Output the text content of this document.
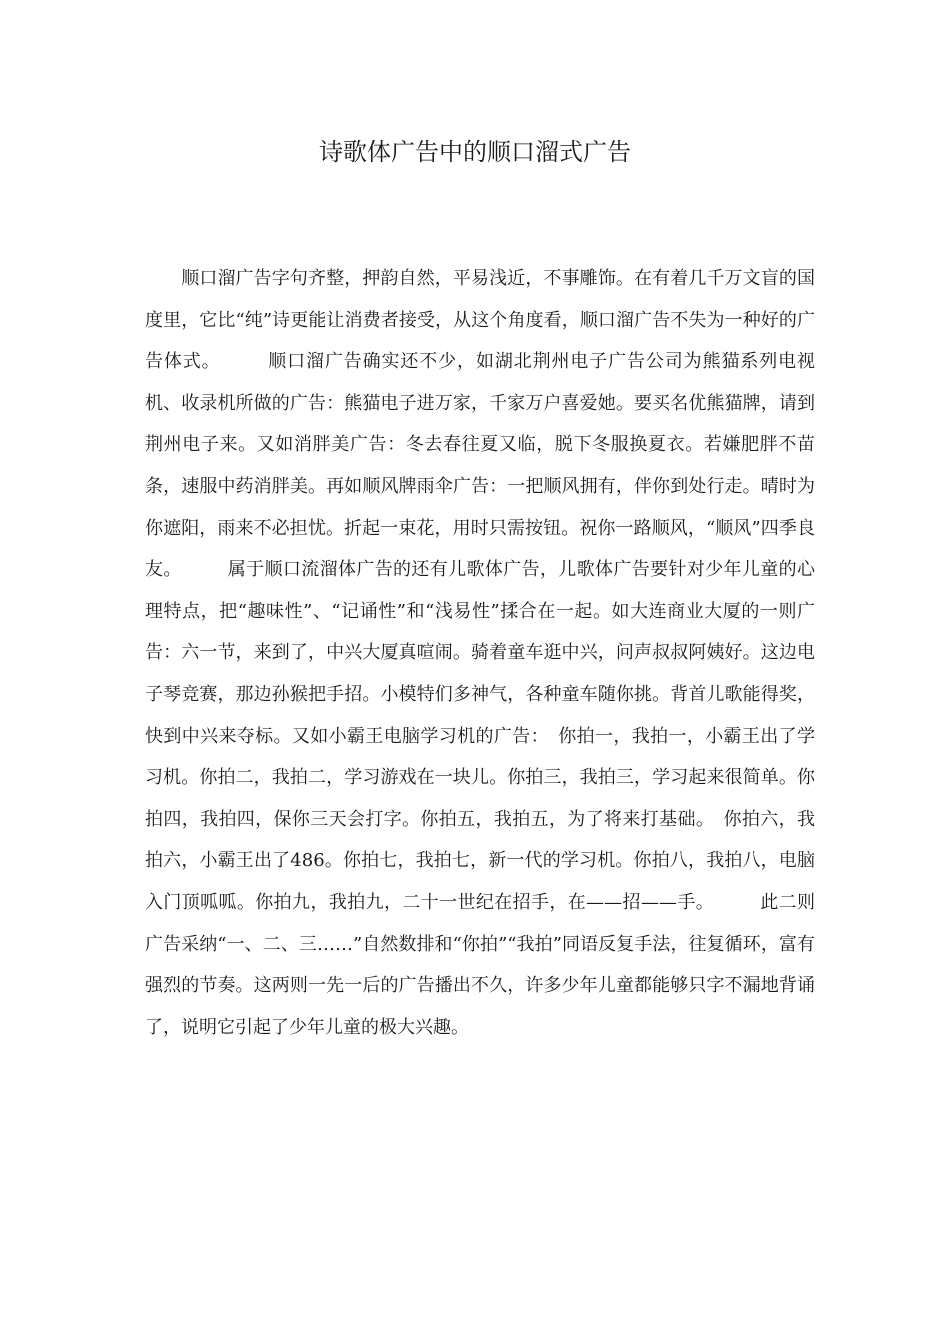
诗歌体广告中的顺口溜式广告

　　顺口溜广告字句齐整，押韵自然，平易浅近，不事雕饰。在有着几千万文盲的国度里，它比“纯”诗更能让消费者接受，从这个角度看，顺口溜广告不失为一种好的广告体式。　　　顺口溜广告确实还不少，如湖北荆州电子广告公司为熊猫系列电视机、收录机所做的广告：熊猫电子进万家，千家万户喜爱她。要买名优熊猫牌，请到荆州电子来。又如消胖美广告：冬去春往夏又临，脱下冬服换夏衣。若嫌肥胖不苗条，速服中药消胖美。再如顺风牌雨伞广告：一把顺风拥有，伴你到处行走。晴时为你遮阳，雨来不必担忧。折起一束花，用时只需按钮。祝你一路顺风，“顺风”四季良友。　　　属于顺口流溜体广告的还有儿歌体广告，儿歌体广告要针对少年儿童的心理特点，把“趣味性”、“记诵性”和“浅易性”揉合在一起。如大连商业大厦的一则广告：六一节，来到了，中兴大厦真喧闹。骑着童车逛中兴，问声叔叔阿姨好。这边电子琴竞赛，那边孙猴把手招。小模特们多神气，各种童车随你挑。背首儿歌能得奖，快到中兴来夺标。又如小霸王电脑学习机的广告：　你拍一，我拍一，小霸王出了学习机。你拍二，我拍二，学习游戏在一块儿。你拍三，我拍三，学习起来很简单。你拍四，我拍四，保你三天会打字。你拍五，我拍五，为了将来打基础。　你拍六，我拍六，小霸王出了486。你拍七，我拍七，新一代的学习机。你拍八，我拍八，电脑入门顶呱呱。你拍九，我拍九，二十一世纪在招手，在——招——手。　　　此二则广告采纳“一、二、三……”自然数排和“你拍”“我拍”同语反复手法，往复循环，富有强烈的节奏。这两则一先一后的广告播出不久，许多少年儿童都能够只字不漏地背诵了，说明它引起了少年儿童的极大兴趣。
